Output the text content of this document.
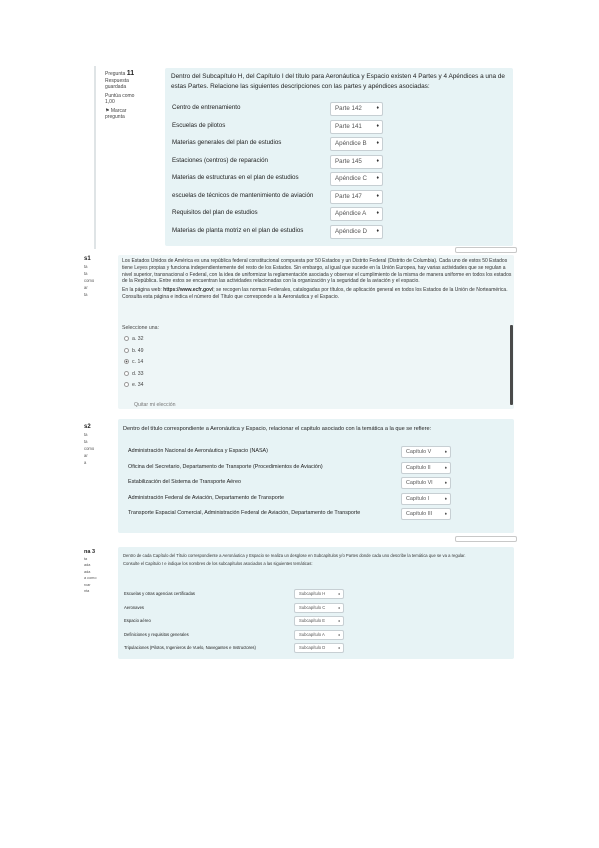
Pregunta 11
Respuesta guardada
Puntúa como 1,00
⚑ Marcar pregunta
Dentro del Subcapítulo H, del Capítulo I del título para Aeronáutica y Espacio existen 4 Partes y 4 Apéndices a una de estas Partes. Relacione las siguientes descripciones con las partes y apéndices asociadas:
Centro de entrenamiento	Parte 142	♦
Escuelas de pilotos	Parte 141	♦
Materias generales del plan de estudios	Apéndice B ♦
Estaciones (centros) de reparación	Parte 145	♦
Materias de estructuras en el plan de estudios	Apéndice C ♦
escuelas de técnicos de mantenimiento de aviación	Parte 147	♦
Requisitos del plan de estudios	Apéndice A ♦
Materias de planta motriz en el plan de estudios	Apéndice D ♦
s1
ta
ta
como
ar
ta
Los Estados Unidos de América es una república federal constitucional compuesta por 50 Estados y un Distrito Federal (Distrito de Columbia). Cada uno de estos 50 Estados tiene Leyes propias y funciona independientemente del resto de los Estados. Sin embargo, al igual que sucede en la Unión Europea, hay varias actividades que se regulan a nivel superior, transnacional o Federal, con la idea de uniformizar la reglamentación asociada y observar el cumplimiento de la misma de manera uniforme en todos los estados de la República. Entre estos se encuentran las actividades relacionadas con la organización y la seguridad de la aviación y el espacio.
En la página web: https://www.ecfr.gov/; se recogen las normas Federales, catalogadas por títulos, de aplicación general en todos los Estados de la Unión de Norteamérica. Consulta esta página e indica el número del Título que corresponde a la Aeronáutica y el Espacio.
Seleccione una:
a. 32
b. 49
c. 14
d. 33
e. 34
Quitar mi elección
s2
ta
ta
como
ar
a
Dentro del título correspondiente a Aeronáutica y Espacio, relacionar el capitulo asociado con la temática a la que se refiere:
Administración Nacional de Aeronáutica y Espacio (NASA)	Capítulo V	♦
Oficina del Secretario, Departamento de Transporte (Procedimientos de Aviación)	Capítulo II	♦
Estabilización del Sistema de Transporte Aéreo	Capítulo VI	♦
Administración Federal de Aviación, Departamento de Transporte	Capítulo I	♦
Transporte Espacial Comercial, Administración Federal de Aviación, Departamento de Transporte	Capítulo III	♦
na 3
ta
ada
ada
a como
rcar
nta
Dentro de cada Capítulo del Título correspondiente a Aeronáutica y Espacio se realiza un desglose en Subcapítulos y/o Partes donde cada uno describe la temática que se va a regular.
Consulte el Capítulo I e indique los nombres de los subcapítulos asociados a las siguientes temáticas:
Escuelas y otras agencias certificadas	Subcapítulo H	♦
Aeronaves	Subcapítulo C	♦
Espacio aéreo	Subcapítulo E	♦
Definiciones y requisitos generales	Subcapítulo A	♦
Tripulaciones (Pilotos, Ingenieros de Vuelo, Navegantes e Instructores)	Subcapítulo D	♦
